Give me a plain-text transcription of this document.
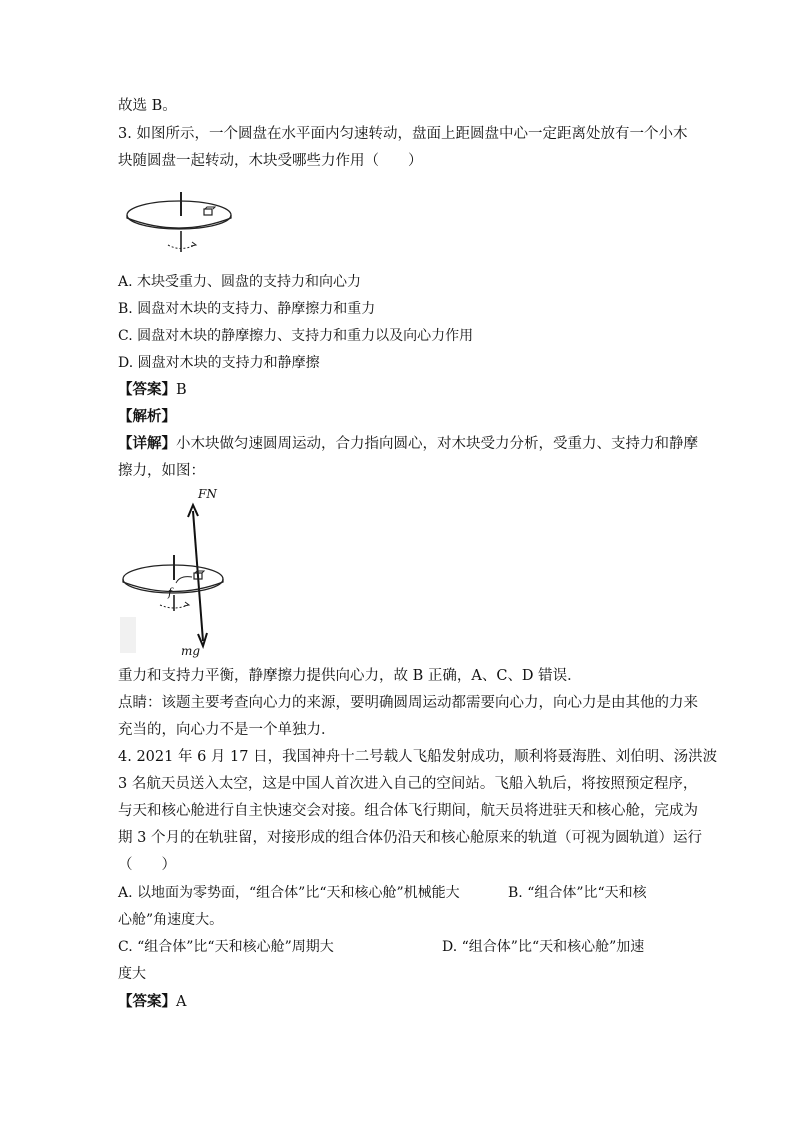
故选 B。
3. 如图所示，一个圆盘在水平面内匀速转动，盘面上距圆盘中心一定距离处放有一个小木
块随圆盘一起转动，木块受哪些力作用（　　）
A. 木块受重力、圆盘的支持力和向心力
B. 圆盘对木块的支持力、静摩擦力和重力
C. 圆盘对木块的静摩擦力、支持力和重力以及向心力作用
D. 圆盘对木块的支持力和静摩擦
【答案】B
【解析】
【详解】小木块做匀速圆周运动，合力指向圆心，对木块受力分析，受重力、支持力和静摩
擦力，如图：
FN
f
mg
重力和支持力平衡，静摩擦力提供向心力，故 B 正确，A、C、D 错误．
点睛：该题主要考查向心力的来源，要明确圆周运动都需要向心力，向心力是由其他的力来
充当的，向心力不是一个单独力．
4. 2021 年 6 月 17 日，我国神舟十二号载人飞船发射成功，顺利将聂海胜、刘伯明、汤洪波
3 名航天员送入太空，这是中国人首次进入自己的空间站。飞船入轨后，将按照预定程序，
与天和核心舱进行自主快速交会对接。组合体飞行期间，航天员将进驻天和核心舱，完成为
期 3 个月的在轨驻留，对接形成的组合体仍沿天和核心舱原来的轨道（可视为圆轨道）运行
（　　）
A. 以地面为零势面，“组合体”比“天和核心舱”机械能大	B. “组合体”比“天和核
心舱”角速度大。
C. “组合体”比“天和核心舱”周期大	D. “组合体”比“天和核心舱”加速
度大
【答案】A
